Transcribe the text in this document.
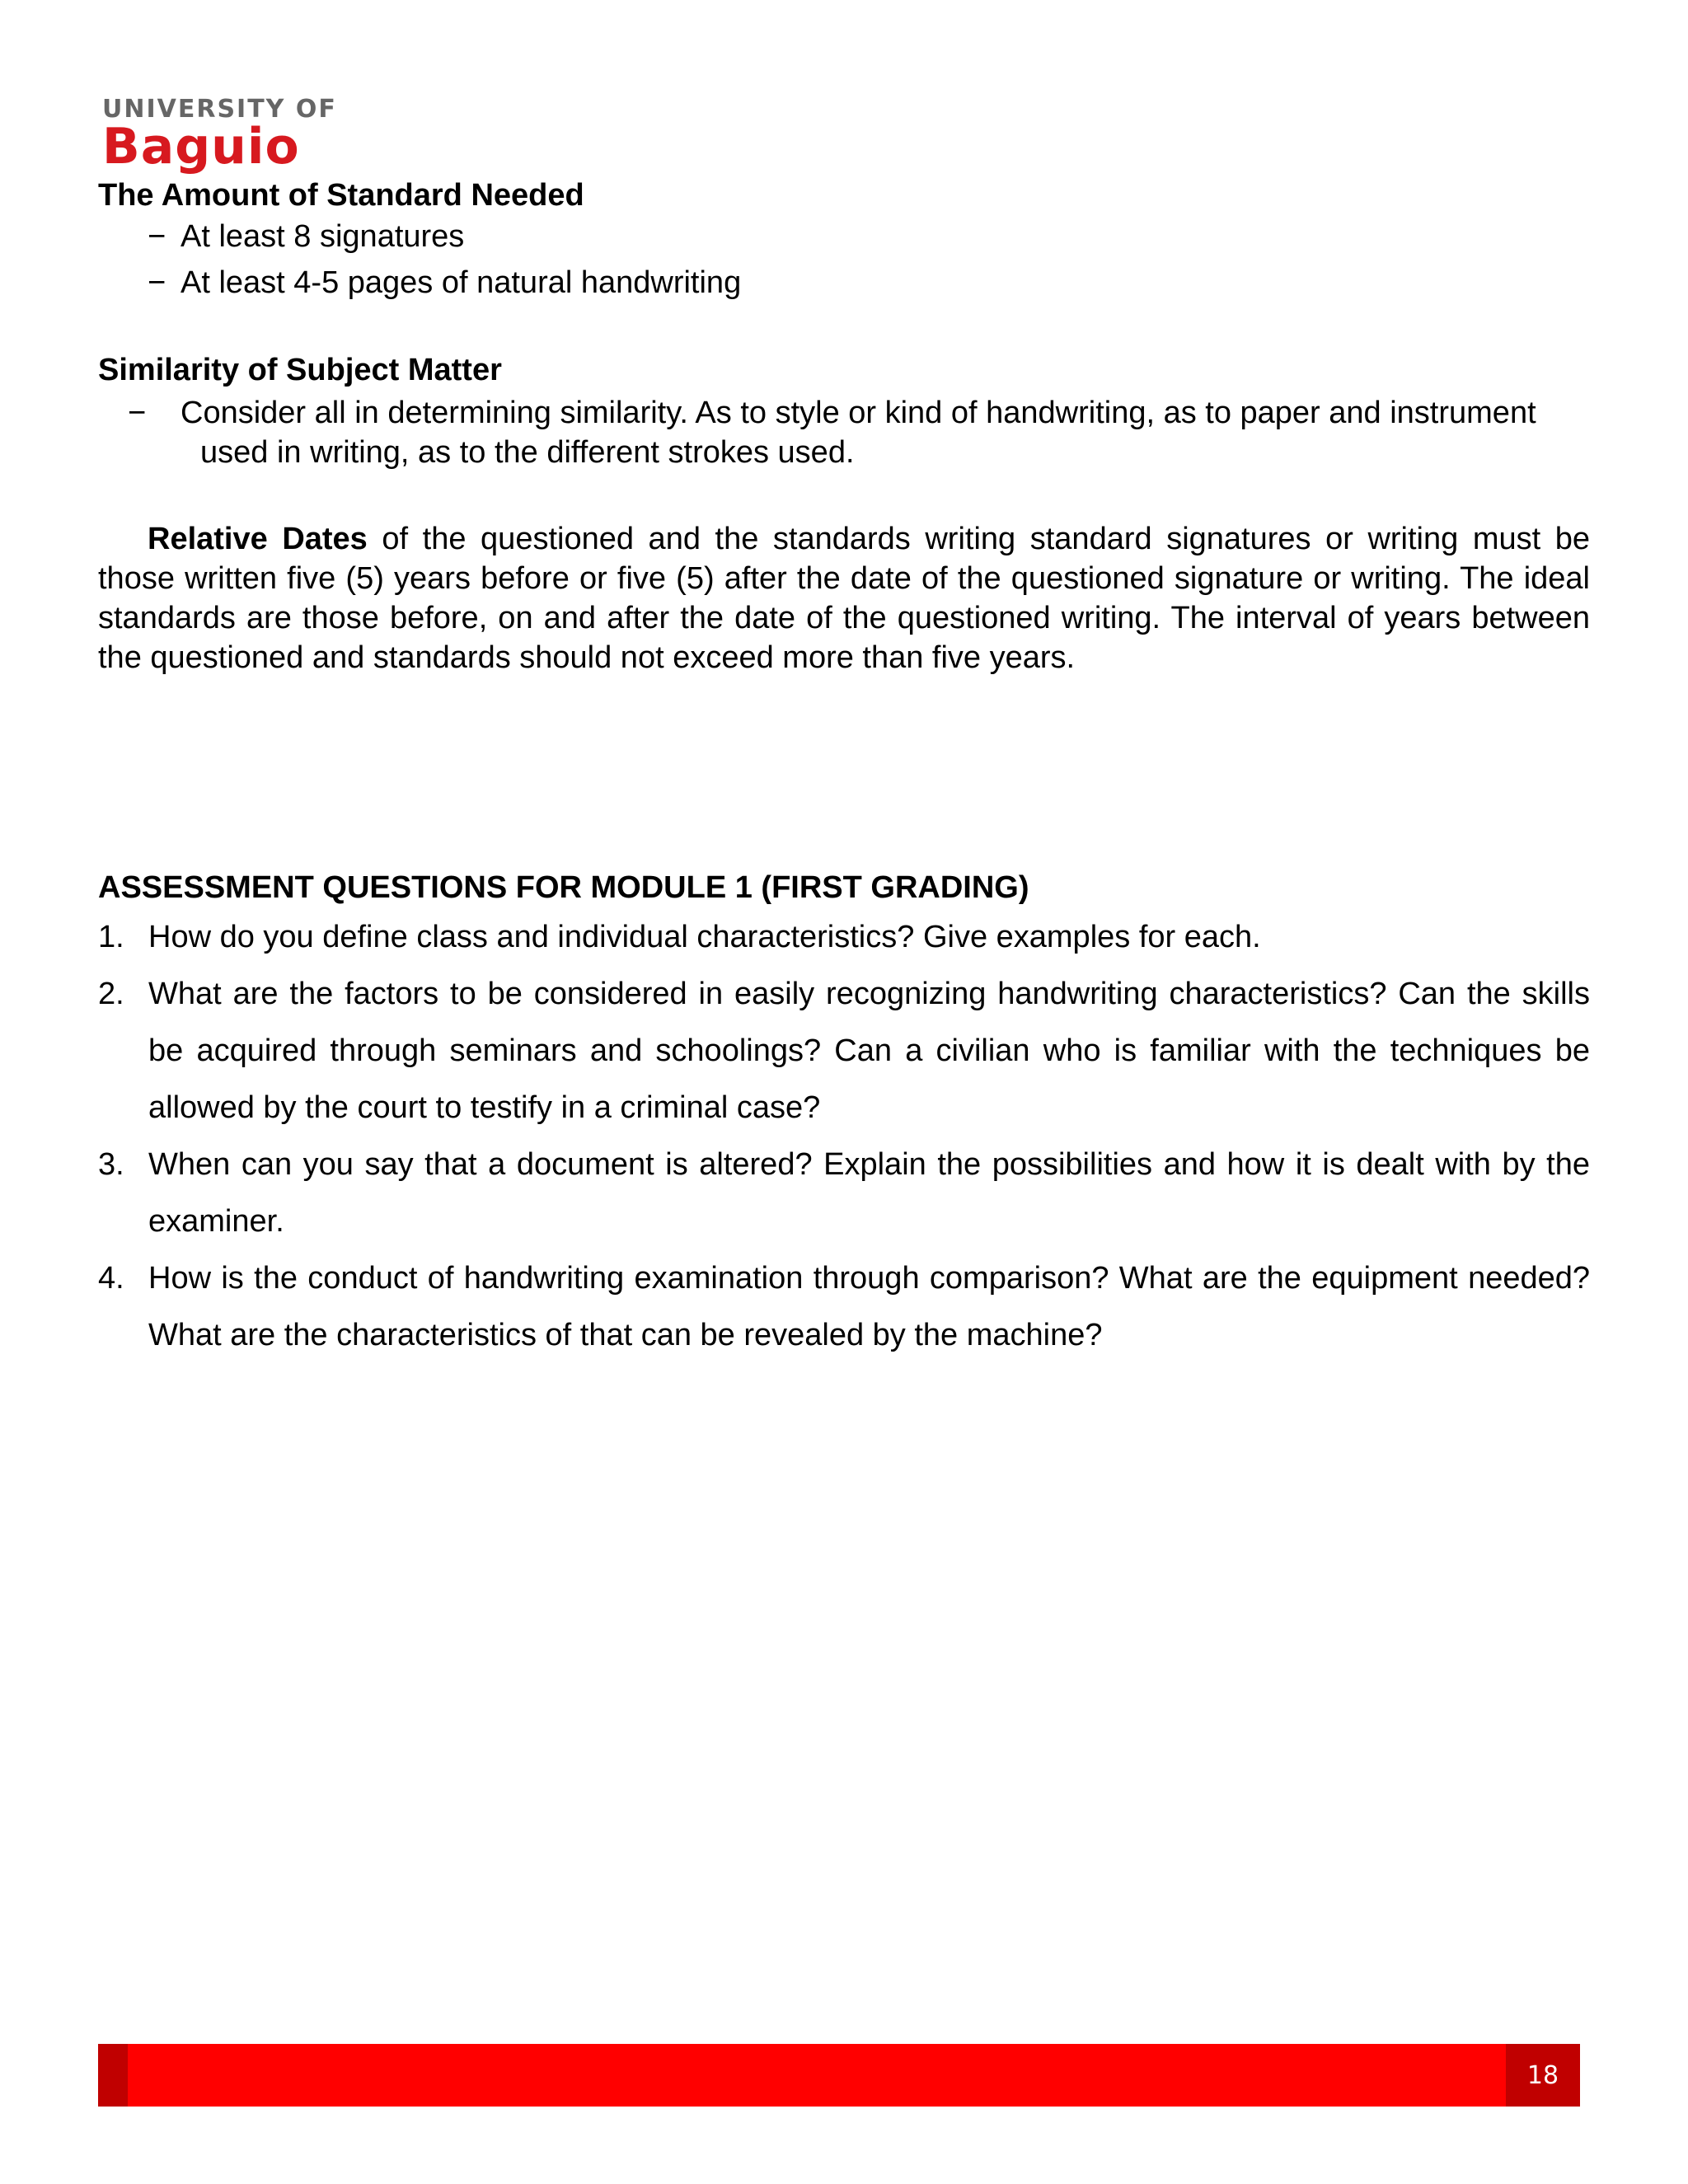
UNIVERSITY OF
Baguio

The Amount of Standard Needed

− At least 8 signatures
− At least 4-5 pages of natural handwriting

Similarity of Subject Matter

− Consider all in determining similarity. As to style or kind of handwriting, as to paper and instrument used in writing, as to the different strokes used.

Relative Dates of the questioned and the standards writing standard signatures or writing must be those written five (5) years before or five (5) after the date of the questioned signature or writing. The ideal standards are those before, on and after the date of the questioned writing. The interval of years between the questioned and standards should not exceed more than five years.

ASSESSMENT QUESTIONS FOR MODULE 1 (FIRST GRADING)

1. How do you define class and individual characteristics? Give examples for each.
2. What are the factors to be considered in easily recognizing handwriting characteristics? Can the skills be acquired through seminars and schoolings? Can a civilian who is familiar with the techniques be allowed by the court to testify in a criminal case?
3. When can you say that a document is altered? Explain the possibilities and how it is dealt with by the examiner.
4. How is the conduct of handwriting examination through comparison? What are the equipment needed? What are the characteristics of that can be revealed by the machine?
18
